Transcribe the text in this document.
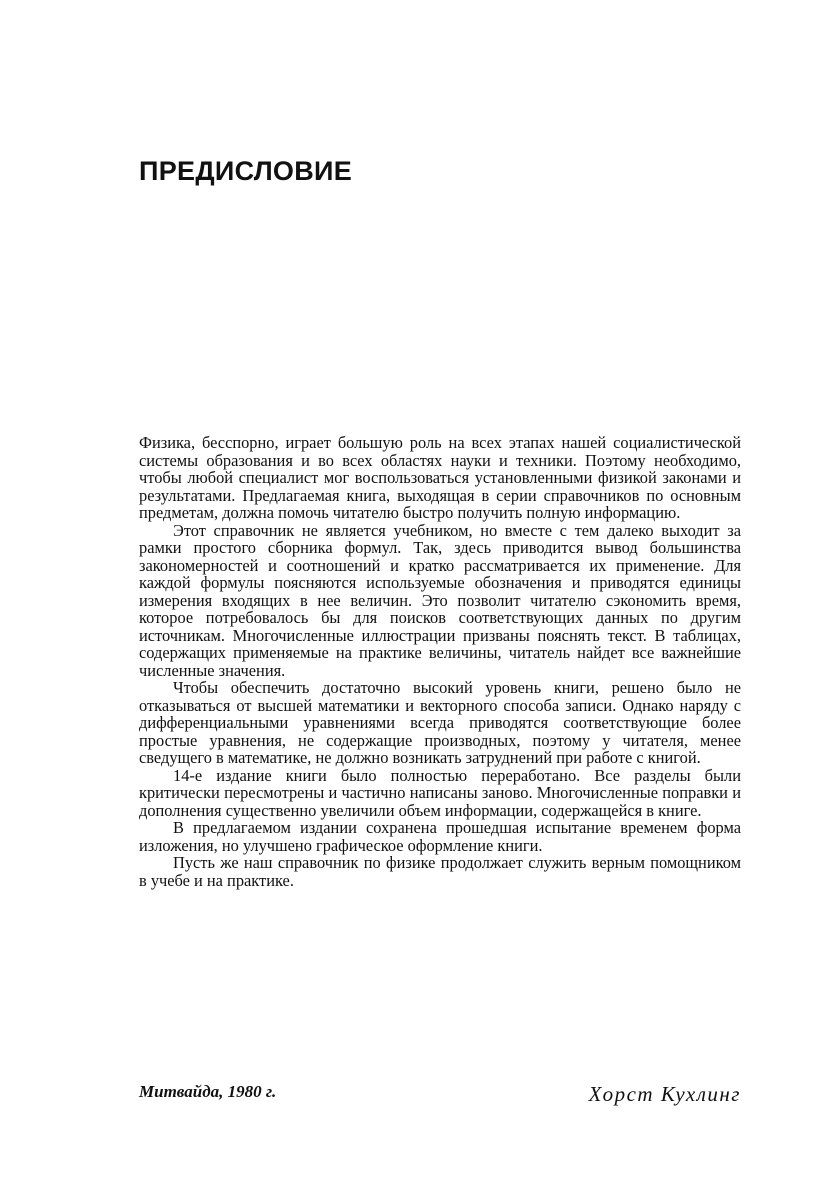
ПРЕДИСЛОВИЕ

Физика, бесспорно, играет большую роль на всех этапах нашей социалистической системы образования и во всех областях науки и техники. Поэтому необходимо, чтобы любой специалист мог воспользоваться установленными физикой законами и результатами. Предлагаемая книга, выходящая в серии справочников по основным предметам, должна помочь читателю быстро получить полную информацию.

Этот справочник не является учебником, но вместе с тем далеко выходит за рамки простого сборника формул. Так, здесь приводится вывод большинства закономерностей и соотношений и кратко рассматривается их применение. Для каждой формулы поясняются используемые обозначения и приводятся единицы измерения входящих в нее величин. Это позволит читателю сэкономить время, которое потребовалось бы для поисков соответствующих данных по другим источникам. Многочисленные иллюстрации призваны пояснять текст. В таблицах, содержащих применяемые на практике величины, читатель найдет все важнейшие численные значения.

Чтобы обеспечить достаточно высокий уровень книги, решено было не отказываться от высшей математики и векторного способа записи. Однако наряду с дифференциальными уравнениями всегда приводятся соответствующие более простые уравнения, не содержащие производных, поэтому у читателя, менее сведущего в математике, не должно возникать затруднений при работе с книгой.

14-е издание книги было полностью переработано. Все разделы были критически пересмотрены и частично написаны заново. Многочисленные поправки и дополнения существенно увеличили объем информации, содержащейся в книге.

В предлагаемом издании сохранена прошедшая испытание временем форма изложения, но улучшено графическое оформление книги.

Пусть же наш справочник по физике продолжает служить верным помощником в учебе и на практике.

Митвайда, 1980 г.	Хорст Кухлинг
